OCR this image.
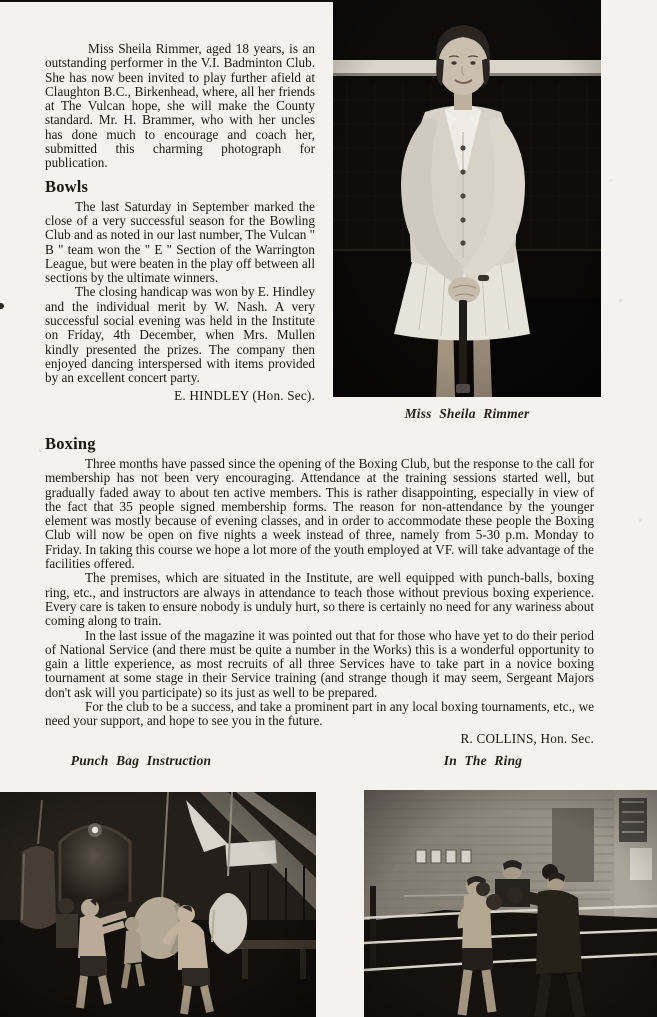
Miss Sheila Rimmer, aged 18 years, is an outstanding performer in the V.I. Badminton Club. She has now been invited to play further afield at Claughton B.C., Birkenhead, where, all her friends at The Vulcan hope, she will make the County standard. Mr. H. Brammer, who with her uncles has done much to encourage and coach her, submitted this charming photograph for publication.

Bowls

The last Saturday in September marked the close of a very successful season for the Bowling Club and as noted in our last number, The Vulcan " B " team won the " E " Section of the Warrington League, but were beaten in the play off between all sections by the ultimate winners.

The closing handicap was won by E. Hindley and the individual merit by W. Nash. A very successful social evening was held in the Institute on Friday, 4th December, when Mrs. Mullen kindly presented the prizes. The company then enjoyed dancing interspersed with items provided by an excellent concert party.

E. HINDLEY (Hon. Sec).
Miss Sheila Rimmer
Boxing

Three months have passed since the opening of the Boxing Club, but the response to the call for membership has not been very encouraging. Attendance at the training sessions started well, but gradually faded away to about ten active members. This is rather disappointing, especially in view of the fact that 35 people signed membership forms. The reason for non-attendance by the younger element was mostly because of evening classes, and in order to accommodate these people the Boxing Club will now be open on five nights a week instead of three, namely from 5-30 p.m. Monday to Friday. In taking this course we hope a lot more of the youth employed at VF. will take advantage of the facilities offered.

The premises, which are situated in the Institute, are well equipped with punch-balls, boxing ring, etc., and instructors are always in attendance to teach those without previous boxing experience. Every care is taken to ensure nobody is unduly hurt, so there is certainly no need for any wariness about coming along to train.

In the last issue of the magazine it was pointed out that for those who have yet to do their period of National Service (and there must be quite a number in the Works) this is a wonderful opportunity to gain a little experience, as most recruits of all three Services have to take part in a novice boxing tournament at some stage in their Service training (and strange though it may seem, Sergeant Majors don't ask will you participate) so its just as well to be prepared.

For the club to be a success, and take a prominent part in any local boxing tournaments, etc., we need your support, and hope to see you in the future.

R. COLLINS, Hon. Sec.
Punch Bag Instruction	In The Ring
